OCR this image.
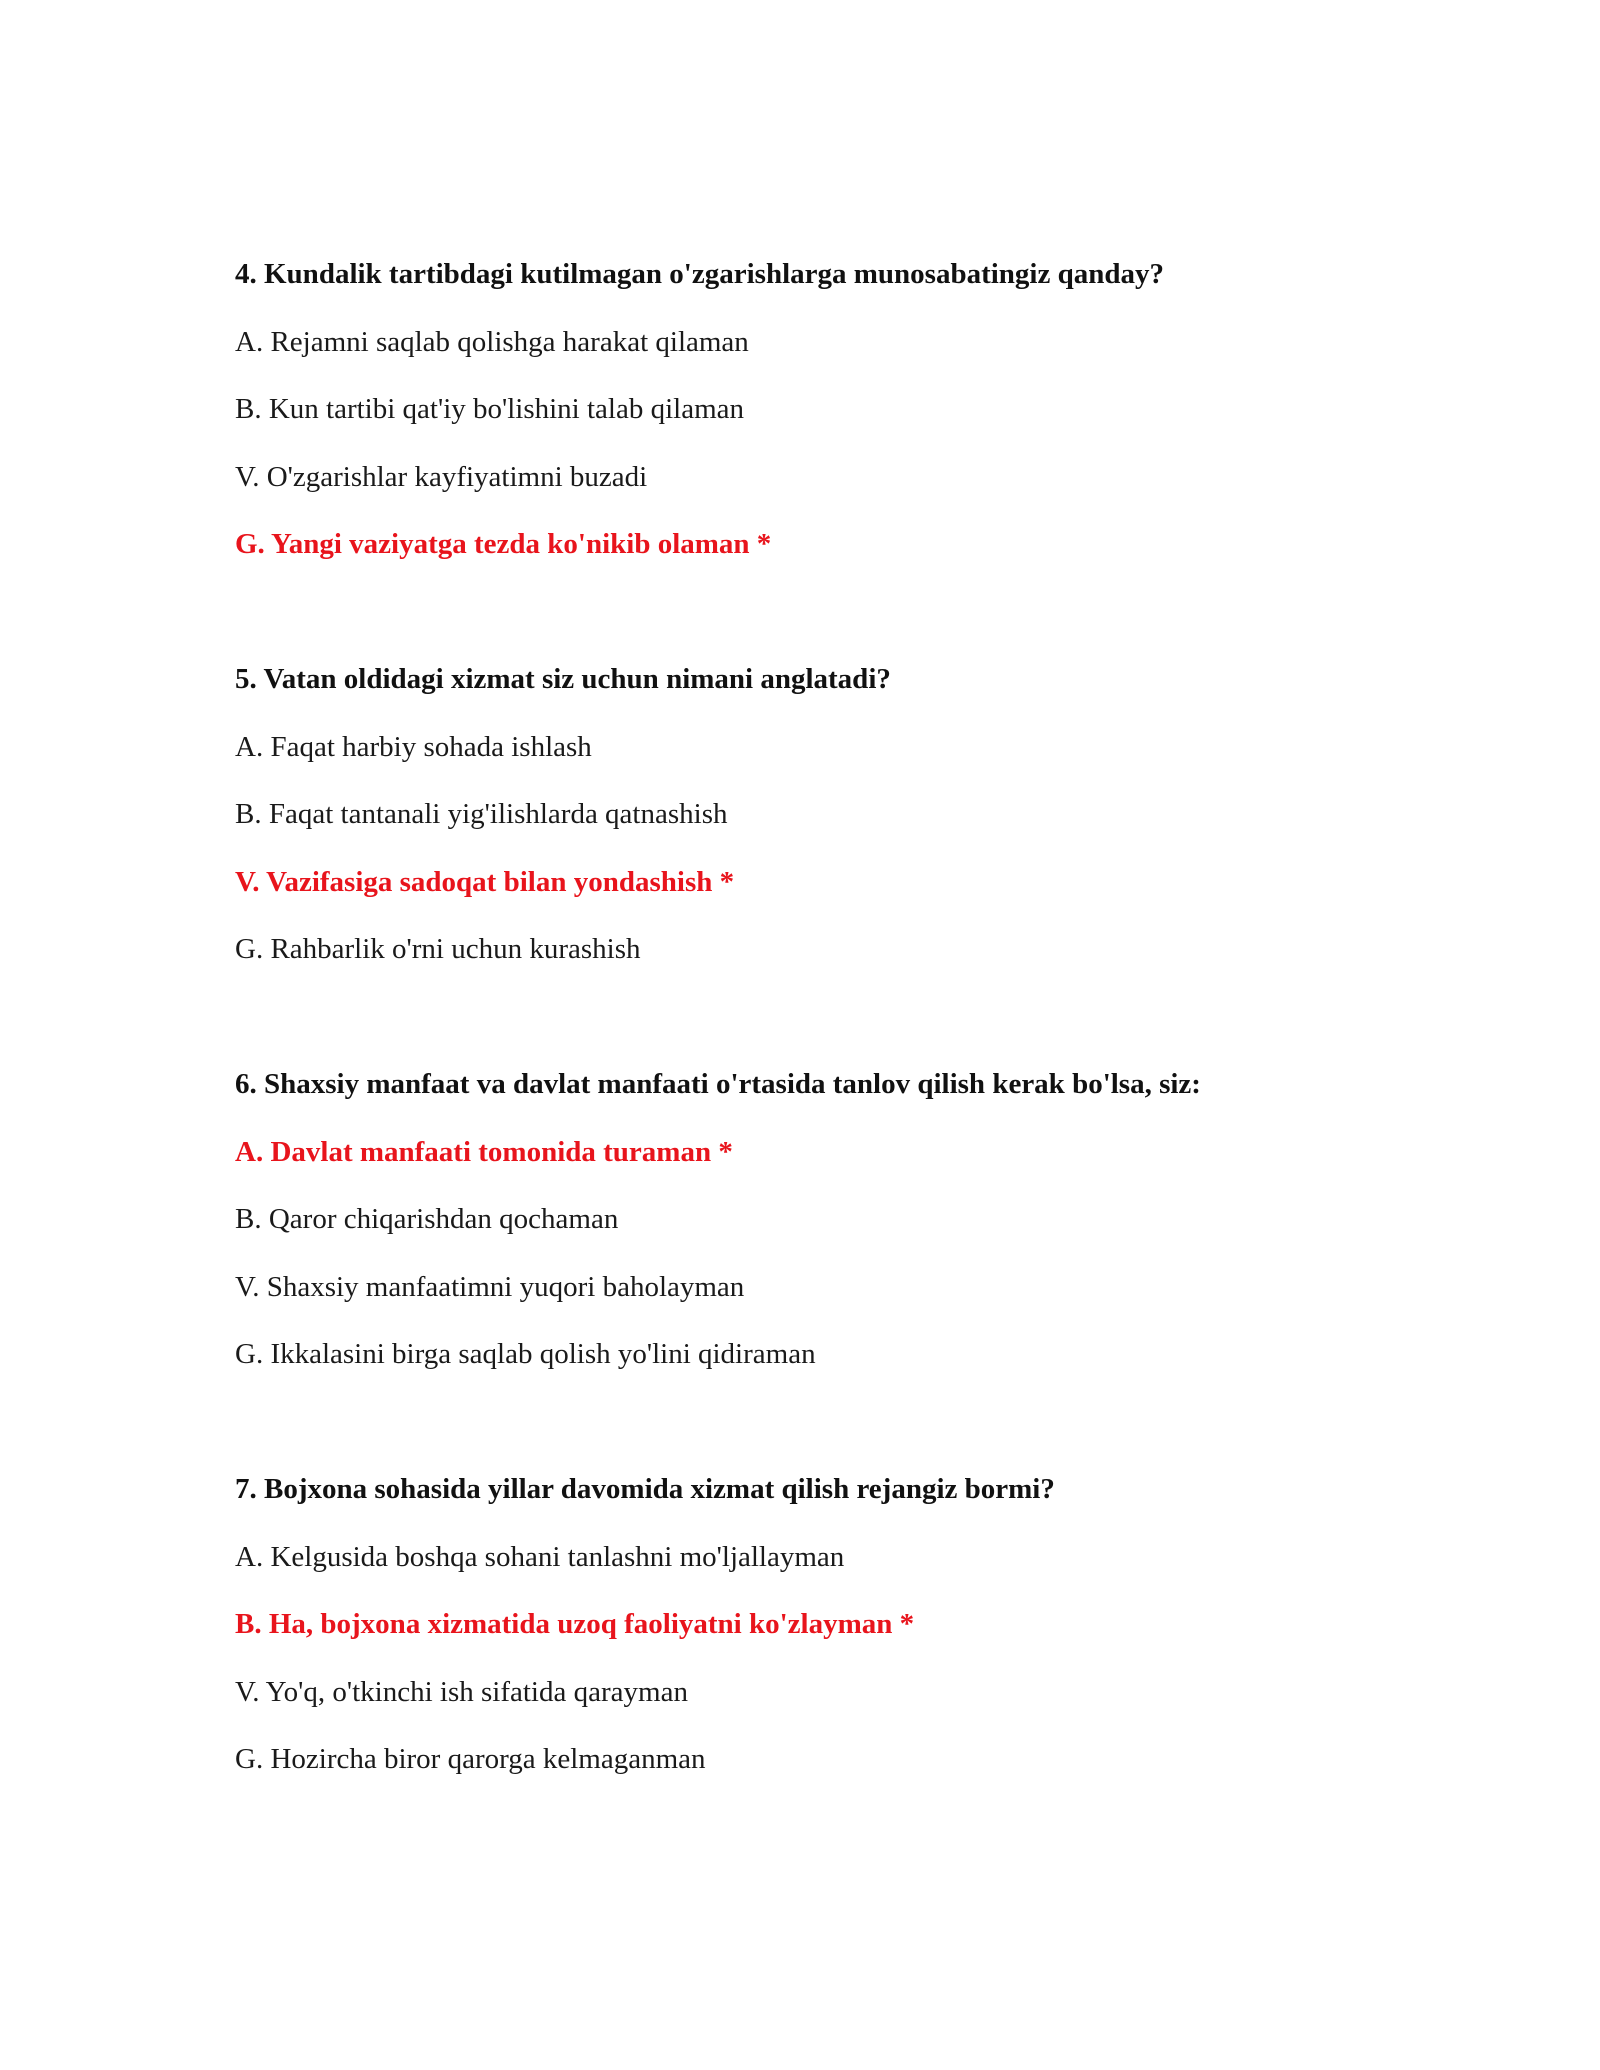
4. Kundalik tartibdagi kutilmagan o'zgarishlarga munosabatingiz qanday?
A. Rejamni saqlab qolishga harakat qilaman
B. Kun tartibi qat'iy bo'lishini talab qilaman
V. O'zgarishlar kayfiyatimni buzadi
G. Yangi vaziyatga tezda ko'nikib olaman *
5. Vatan oldidagi xizmat siz uchun nimani anglatadi?
A. Faqat harbiy sohada ishlash
B. Faqat tantanali yig'ilishlarda qatnashish
V. Vazifasiga sadoqat bilan yondashish *
G. Rahbarlik o'rni uchun kurashish
6. Shaxsiy manfaat va davlat manfaati o'rtasida tanlov qilish kerak bo'lsa, siz:
A. Davlat manfaati tomonida turaman *
B. Qaror chiqarishdan qochaman
V. Shaxsiy manfaatimni yuqori baholayman
G. Ikkalasini birga saqlab qolish yo'lini qidiraman
7. Bojxona sohasida yillar davomida xizmat qilish rejangiz bormi?
A. Kelgusida boshqa sohani tanlashni mo'ljallayman
B. Ha, bojxona xizmatida uzoq faoliyatni ko'zlayman *
V. Yo'q, o'tkinchi ish sifatida qarayman
G. Hozircha biror qarorga kelmaganman
